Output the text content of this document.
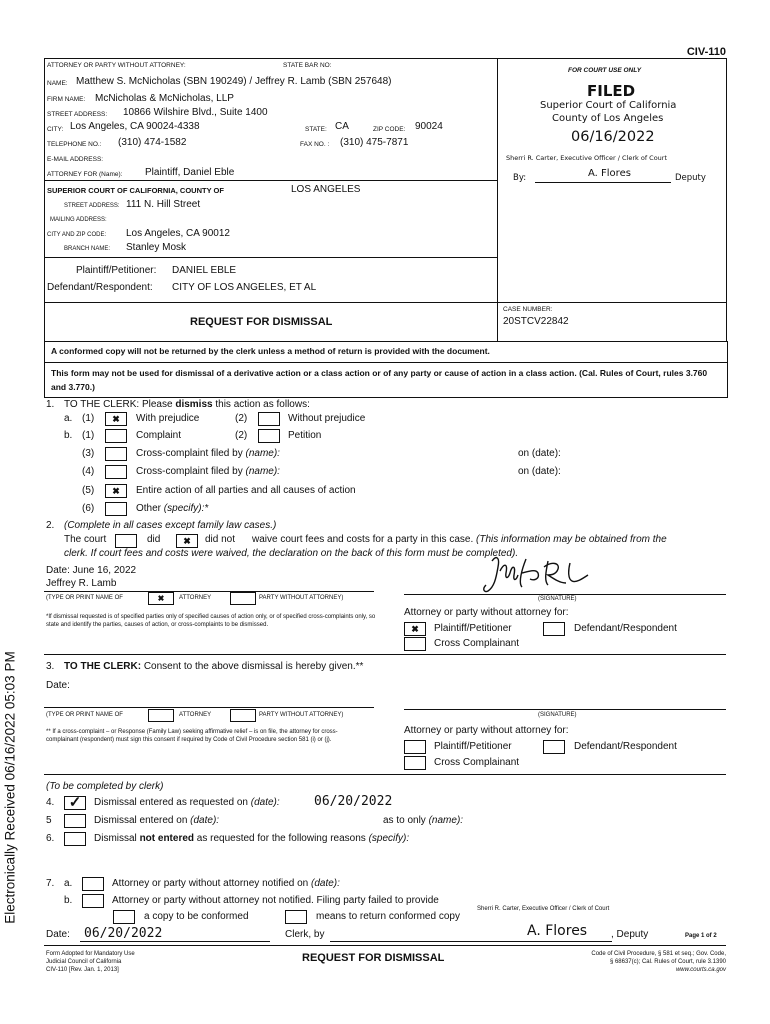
Electronically Received 06/16/2022 05:03 PM
CIV-110
ATTORNEY OR PARTY WITHOUT ATTORNEY:	STATE BAR NO:
NAME: Matthew S. McNicholas (SBN 190249) / Jeffrey R. Lamb (SBN 257648)
FIRM NAME: McNicholas & McNicholas, LLP
STREET ADDRESS: 10866 Wilshire Blvd., Suite 1400
CITY: Los Angeles, CA 90024-4338	STATE: CA	ZIP CODE: 90024
TELEPHONE NO.: (310) 474-1582	FAX NO. : (310) 475-7871
E-MAIL ADDRESS:
ATTORNEY FOR (Name): Plaintiff, Daniel Eble
SUPERIOR COURT OF CALIFORNIA, COUNTY OF	LOS ANGELES
STREET ADDRESS: 111 N. Hill Street
MAILING ADDRESS:
CITY AND ZIP CODE: Los Angeles, CA 90012
BRANCH NAME: Stanley Mosk
Plaintiff/Petitioner: DANIEL EBLE
Defendant/Respondent: CITY OF LOS ANGELES, ET AL
REQUEST FOR DISMISSAL
CASE NUMBER:
20STCV22842
FOR COURT USE ONLY
FILED
Superior Court of California
County of Los Angeles
06/16/2022
Sherri R. Carter, Executive Officer / Clerk of Court
By:	A. Flores	Deputy
A conformed copy will not be returned by the clerk unless a method of return is provided with the document.
This form may not be used for dismissal of a derivative action or a class action or of any party or cause of action in a class action. (Cal. Rules of Court, rules 3.760 and 3.770.)
1. TO THE CLERK: Please dismiss this action as follows:
a. (1)	✖	With prejudice	(2)	Without prejudice
b. (1)	Complaint	(2)	Petition
(3)	Cross-complaint filed by (name):	on (date):
(4)	Cross-complaint filed by (name):	on (date):
(5)	✖	Entire action of all parties and all causes of action
(6)	Other (specify):*
2. (Complete in all cases except family law cases.)
The court	did	✖	did not waive court fees and costs for a party in this case. (This information may be obtained from the
clerk. If court fees and costs were waived, the declaration on the back of this form must be completed).
Date: June 16, 2022
Jeffrey R. Lamb
(TYPE OR PRINT NAME OF	✖	ATTORNEY	PARTY WITHOUT ATTORNEY)	(SIGNATURE)
*If dismissal requested is of specified parties only of specified causes of action only, or of specified cross-complaints only, so state and identify the parties, causes of action, or cross-complaints to be dismissed.
Attorney or party without attorney for:
✖	Plaintiff/Petitioner	Defendant/Respondent
Cross Complainant
3. TO THE CLERK: Consent to the above dismissal is hereby given.**
Date:
(TYPE OR PRINT NAME OF	ATTORNEY	PARTY WITHOUT ATTORNEY)	(SIGNATURE)
** If a cross-complaint – or Response (Family Law) seeking affirmative relief – is on file, the attorney for cross-complainant (respondent) must sign this consent if required by Code of Civil Procedure section 581 (i) or (j).
Attorney or party without attorney for:
Plaintiff/Petitioner	Defendant/Respondent
Cross Complainant
(To be completed by clerk)
4. ✓	Dismissal entered as requested on (date):	06/20/2022
5	Dismissal entered on (date):	as to only (name):
6.	Dismissal not entered as requested for the following reasons (specify):
7. a.	Attorney or party without attorney notified on (date):
b.	Attorney or party without attorney not notified. Filing party failed to provide
a copy to be conformed	means to return conformed copy
Sherri R. Carter, Executive Officer / Clerk of Court
Date: 06/20/2022	Clerk, by	A. Flores , Deputy	Page 1 of 2
Form Adopted for Mandatory Use
Judicial Council of California
CIV-110 [Rev. Jan. 1, 2013]
REQUEST FOR DISMISSAL	Code of Civil Procedure, § 581 et seq.; Gov. Code,
§ 68637(c); Cal. Rules of Court, rule 3.1390
www.courts.ca.gov
